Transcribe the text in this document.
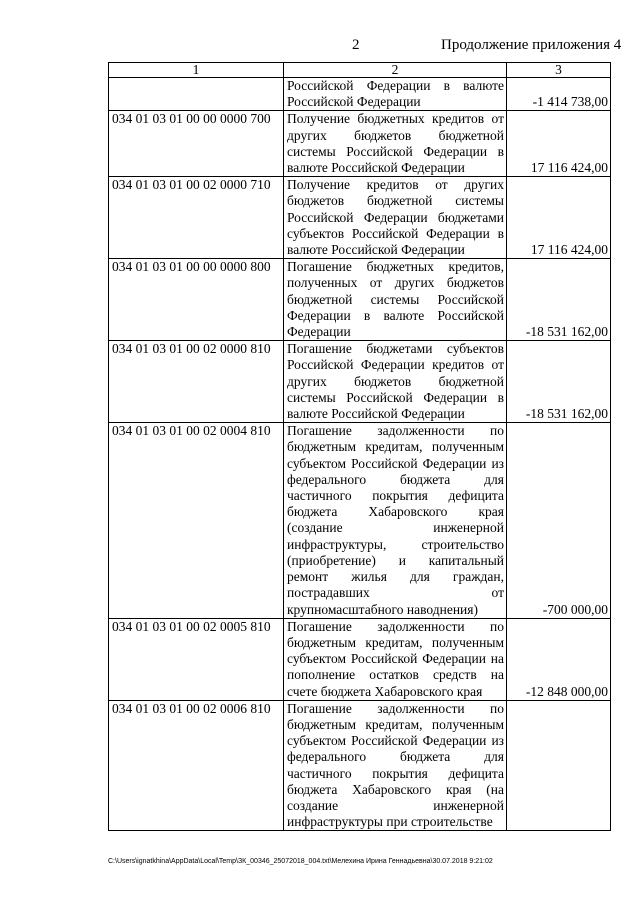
2	Продолжение приложения 4
1	2	3
	Российской Федерации в валюте Российской Федерации	-1 414 738,00
034 01 03 01 00 00 0000 700	Получение бюджетных кредитов от других бюджетов бюджетной системы Российской Федерации в валюте Российской Федерации	17 116 424,00
034 01 03 01 00 02 0000 710	Получение кредитов от других бюджетов бюджетной системы Российской Федерации бюджетами субъектов Российской Федерации в валюте Российской Федерации	17 116 424,00
034 01 03 01 00 00 0000 800	Погашение бюджетных кредитов, полученных от других бюджетов бюджетной системы Российской Федерации в валюте Российской Федерации	-18 531 162,00
034 01 03 01 00 02 0000 810	Погашение бюджетами субъектов Российской Федерации кредитов от других бюджетов бюджетной системы Российской Федерации в валюте Российской Федерации	-18 531 162,00
034 01 03 01 00 02 0004 810	Погашение задолженности по бюджетным кредитам, полученным субъектом Российской Федерации из федерального бюджета для частичного покрытия дефицита бюджета Хабаровского края (создание инженерной инфраструктуры, строительство (приобретение) и капитальный ремонт жилья для граждан, пострадавших от крупномасштабного наводнения)	-700 000,00
034 01 03 01 00 02 0005 810	Погашение задолженности по бюджетным кредитам, полученным субъектом Российской Федерации на пополнение остатков средств на счете бюджета Хабаровского края	-12 848 000,00
034 01 03 01 00 02 0006 810	Погашение задолженности по бюджетным кредитам, полученным субъектом Российской Федерации из федерального бюджета для частичного покрытия дефицита бюджета Хабаровского края (на создание инженерной инфраструктуры при строительстве	
C:\Users\ignatkhina\AppData\Local\Temp\ЗК_00346_25072018_004.txt\Мелехина Ирина Геннадьевна\30.07.2018 9:21:02
